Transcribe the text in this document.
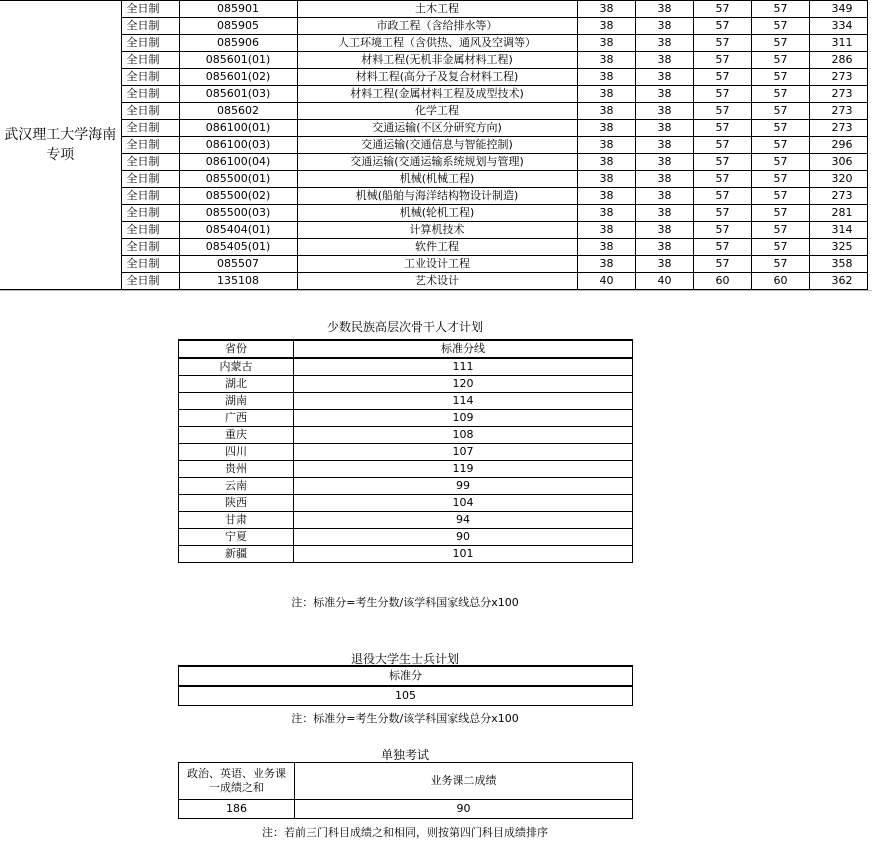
武汉理工大学海南专项	全日制	085901	土木工程	38	38	57	57	349
	全日制	085905	市政工程（含给排水等）	38	38	57	57	334
	全日制	085906	人工环境工程（含供热、通风及空调等）	38	38	57	57	311
	全日制	085601(01)	材料工程(无机非金属材料工程)	38	38	57	57	286
	全日制	085601(02)	材料工程(高分子及复合材料工程)	38	38	57	57	273
	全日制	085601(03)	材料工程(金属材料工程及成型技术)	38	38	57	57	273
	全日制	085602	化学工程	38	38	57	57	273
	全日制	086100(01)	交通运输(不区分研究方向)	38	38	57	57	273
	全日制	086100(03)	交通运输(交通信息与智能控制)	38	38	57	57	296
	全日制	086100(04)	交通运输(交通运输系统规划与管理)	38	38	57	57	306
	全日制	085500(01)	机械(机械工程)	38	38	57	57	320
	全日制	085500(02)	机械(船舶与海洋结构物设计制造)	38	38	57	57	273
	全日制	085500(03)	机械(轮机工程)	38	38	57	57	281
	全日制	085404(01)	计算机技术	38	38	57	57	314
	全日制	085405(01)	软件工程	38	38	57	57	325
	全日制	085507	工业设计工程	38	38	57	57	358
	全日制	135108	艺术设计	40	40	60	60	362
少数民族高层次骨干人才计划
省份	标准分线
内蒙古	111
湖北	120
湖南	114
广西	109
重庆	108
四川	107
贵州	119
云南	99
陕西	104
甘肃	94
宁夏	90
新疆	101
注：标准分=考生分数/该学科国家线总分x100
退役大学生士兵计划
标准分
105
注：标准分=考生分数/该学科国家线总分x100
单独考试
政治、英语、业务课一成绩之和	业务课二成绩
186	90
注：若前三门科目成绩之和相同，则按第四门科目成绩排序
